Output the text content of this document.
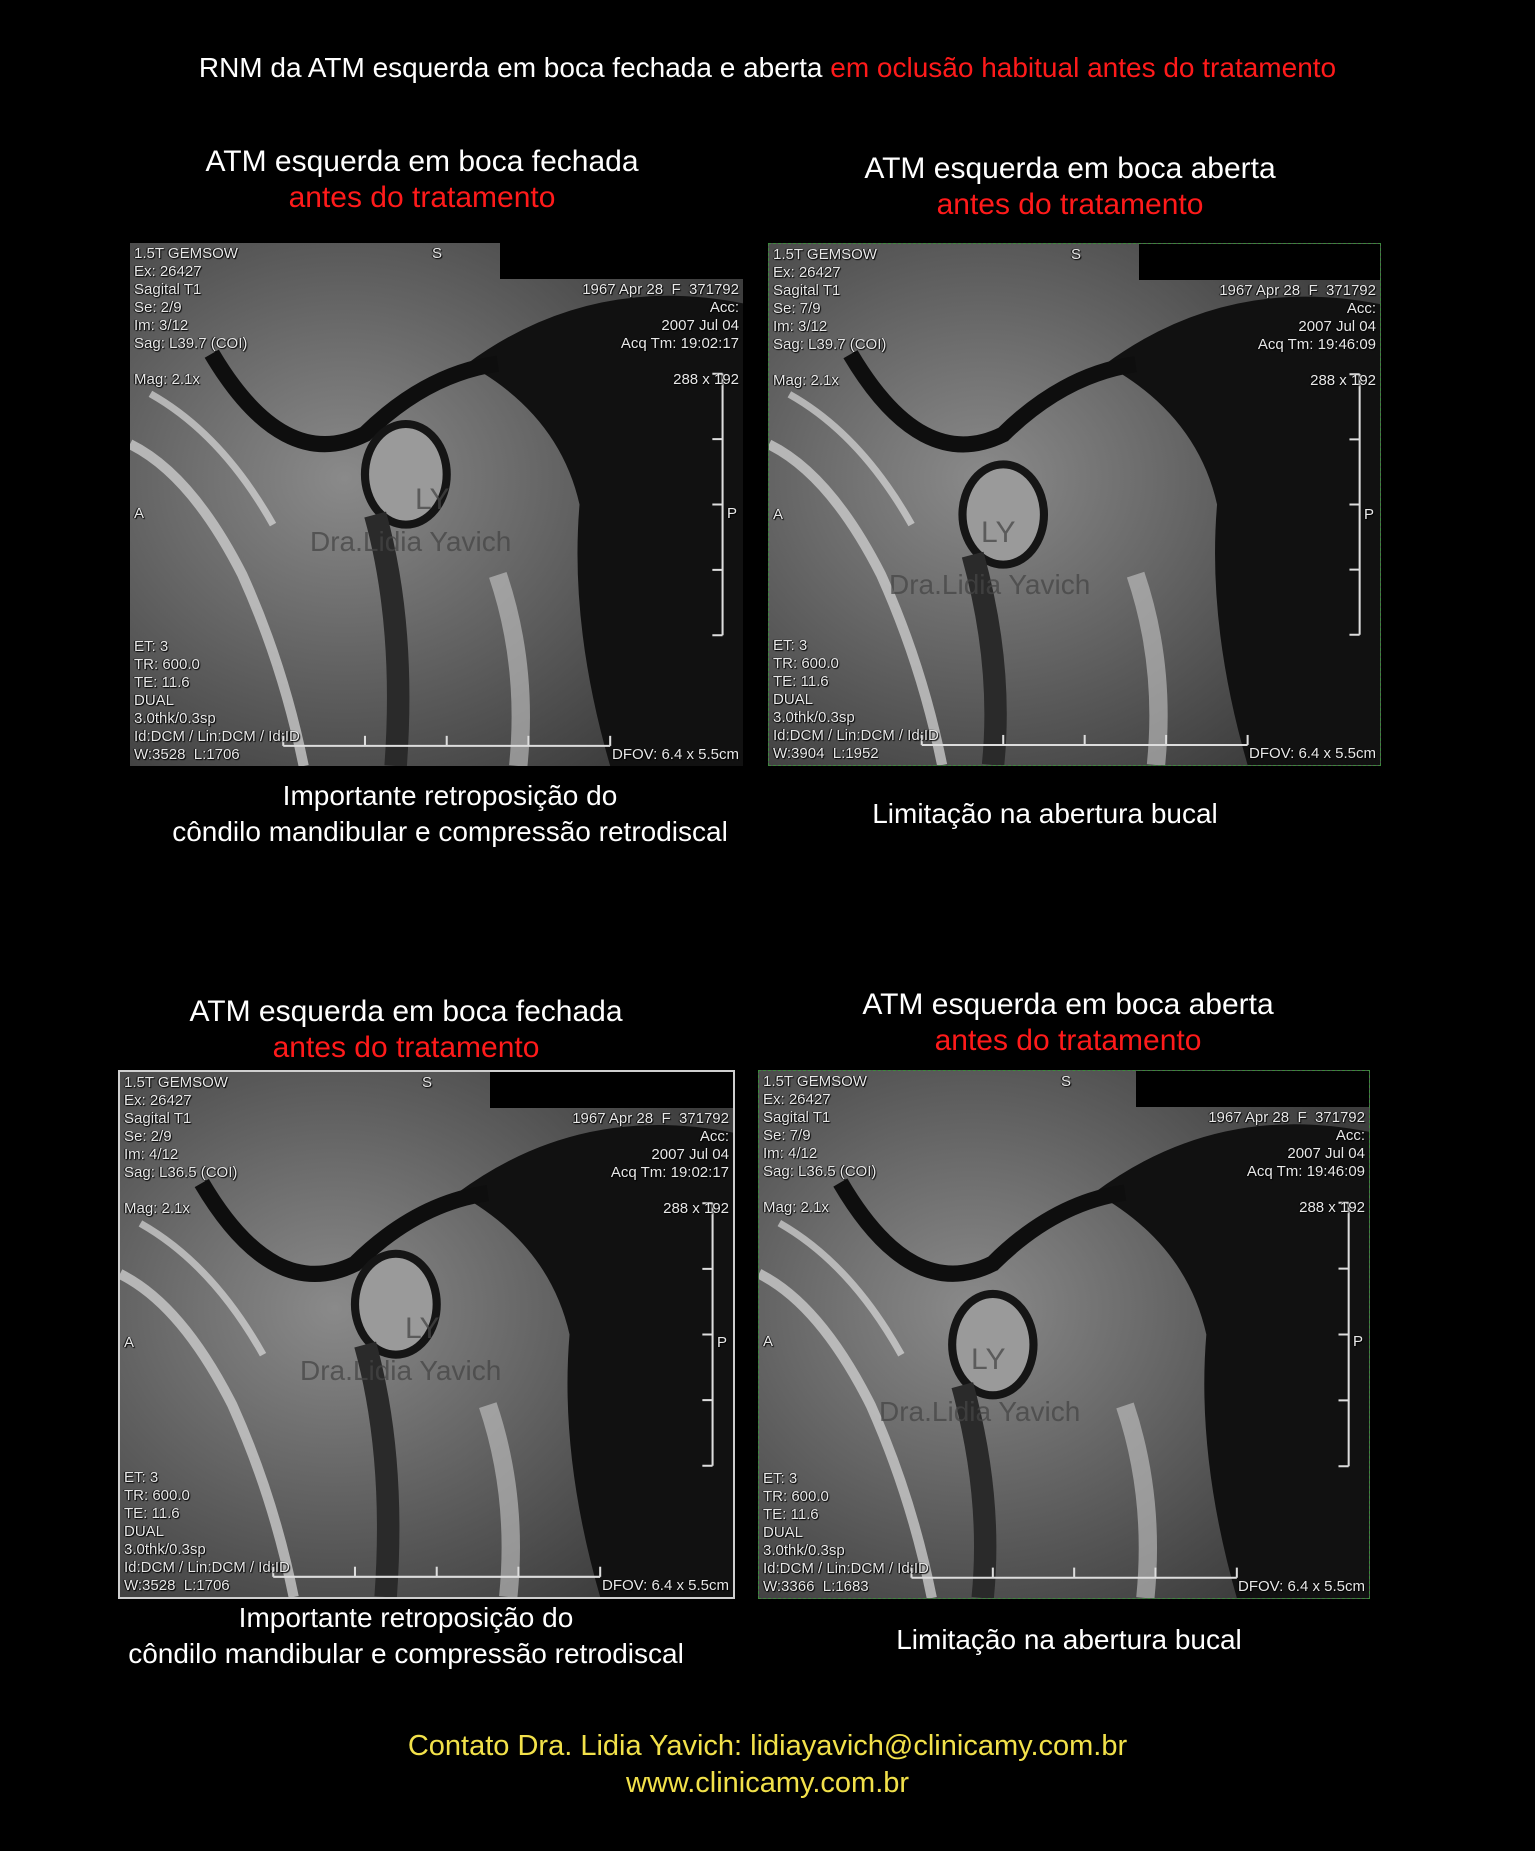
RNM da ATM esquerda em boca fechada e aberta em oclusão habitual antes do tratamento
ATM esquerda em boca fechada
antes do tratamento
ATM esquerda em boca aberta
antes do tratamento
ATM esquerda em boca fechada
antes do tratamento
ATM esquerda em boca aberta
antes do tratamento
1.5T GEMSOW
Ex: 26427
Sagital T1
Se: 2/9
Im: 3/12
Sag: L39.7 (COI)

Mag: 2.1x
S
1967 Apr 28  F  371792
Acc:
2007 Jul 04
Acq Tm: 19:02:17

288 x 192
A	P
ET: 3
TR: 600.0
TE: 11.6
DUAL
3.0thk/0.3sp
Id:DCM / Lin:DCM / Id:ID
W:3528  L:1706	DFOV: 6.4 x 5.5cm
LY
Dra.Lidia Yavich
1.5T GEMSOW
Ex: 26427
Sagital T1
Se: 7/9
Im: 3/12
Sag: L39.7 (COI)

Mag: 2.1x
S
1967 Apr 28  F  371792
Acc:
2007 Jul 04
Acq Tm: 19:46:09

288 x 192
A	P
ET: 3
TR: 600.0
TE: 11.6
DUAL
3.0thk/0.3sp
Id:DCM / Lin:DCM / Id:ID
W:3904  L:1952	DFOV: 6.4 x 5.5cm
LY
Dra.Lidia Yavich
1.5T GEMSOW
Ex: 26427
Sagital T1
Se: 2/9
Im: 4/12
Sag: L36.5 (COI)

Mag: 2.1x
S
1967 Apr 28  F  371792
Acc:
2007 Jul 04
Acq Tm: 19:02:17

288 x 192
A	P
ET: 3
TR: 600.0
TE: 11.6
DUAL
3.0thk/0.3sp
Id:DCM / Lin:DCM / Id:ID
W:3528  L:1706	DFOV: 6.4 x 5.5cm
LY
Dra.Lidia Yavich
1.5T GEMSOW
Ex: 26427
Sagital T1
Se: 7/9
Im: 4/12
Sag: L36.5 (COI)

Mag: 2.1x
S
1967 Apr 28  F  371792
Acc:
2007 Jul 04
Acq Tm: 19:46:09

288 x 192
A	P
ET: 3
TR: 600.0
TE: 11.6
DUAL
3.0thk/0.3sp
Id:DCM / Lin:DCM / Id:ID
W:3366  L:1683	DFOV: 6.4 x 5.5cm
LY
Dra.Lidia Yavich
Importante retroposição do
côndilo mandibular e compressão retrodiscal
Limitação na abertura bucal
Importante retroposição do
côndilo mandibular e compressão retrodiscal	Limitação na abertura bucal
Contato Dra. Lidia Yavich: lidiayavich@clinicamy.com.br
www.clinicamy.com.br
